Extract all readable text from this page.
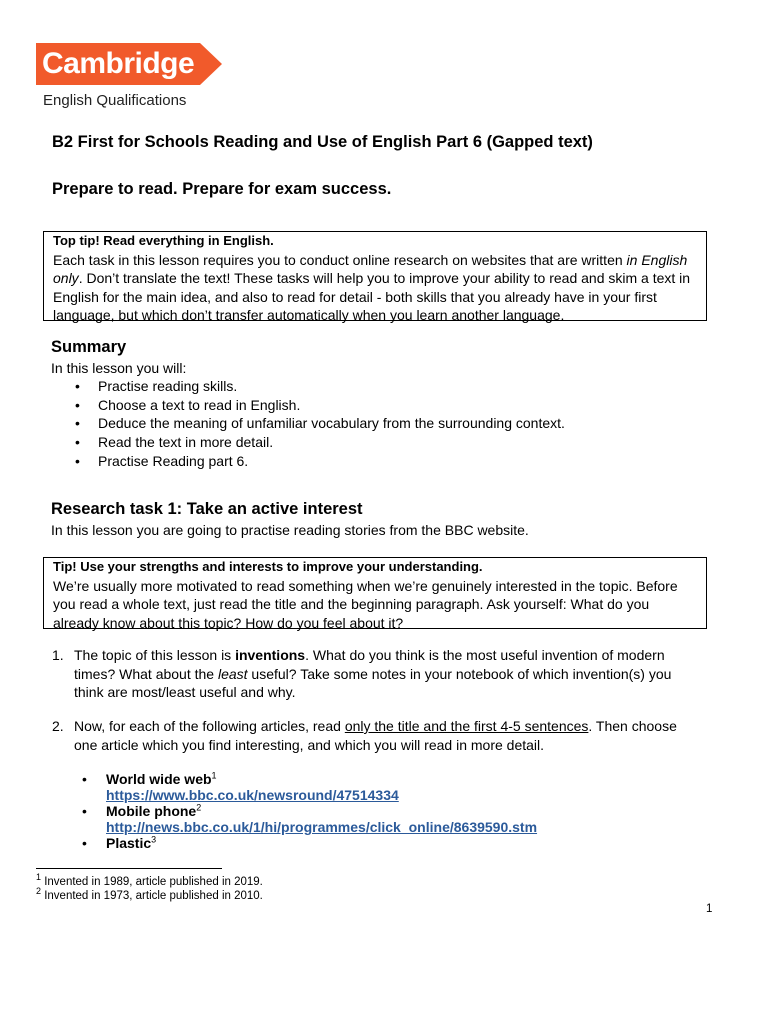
Cambridge
English Qualifications
B2 First for Schools Reading and Use of English Part 6 (Gapped text)
Prepare to read. Prepare for exam success.
Top tip! Read everything in English.
Each task in this lesson requires you to conduct online research on websites that are written in English only. Don’t translate the text! These tasks will help you to improve your ability to read and skim a text in English for the main idea, and also to read for detail - both skills that you already have in your first language, but which don’t transfer automatically when you learn another language.
Summary
In this lesson you will:
• Practise reading skills.
• Choose a text to read in English.
• Deduce the meaning of unfamiliar vocabulary from the surrounding context.
• Read the text in more detail.
• Practise Reading part 6.
Research task 1: Take an active interest
In this lesson you are going to practise reading stories from the BBC website.
Tip! Use your strengths and interests to improve your understanding.
We’re usually more motivated to read something when we’re genuinely interested in the topic. Before you read a whole text, just read the title and the beginning paragraph. Ask yourself: What do you already know about this topic? How do you feel about it?
1. The topic of this lesson is inventions. What do you think is the most useful invention of modern times? What about the least useful? Take some notes in your notebook of which invention(s) you think are most/least useful and why.
2. Now, for each of the following articles, read only the title and the first 4-5 sentences. Then choose one article which you find interesting, and which you will read in more detail.
• World wide web$^1$
https://www.bbc.co.uk/newsround/47514334
• Mobile phone$^2$
http://news.bbc.co.uk/1/hi/programmes/click_online/8639590.stm
• Plastic$^3$
$^1$ Invented in 1989, article published in 2019.
$^2$ Invented in 1973, article published in 2010.
1
